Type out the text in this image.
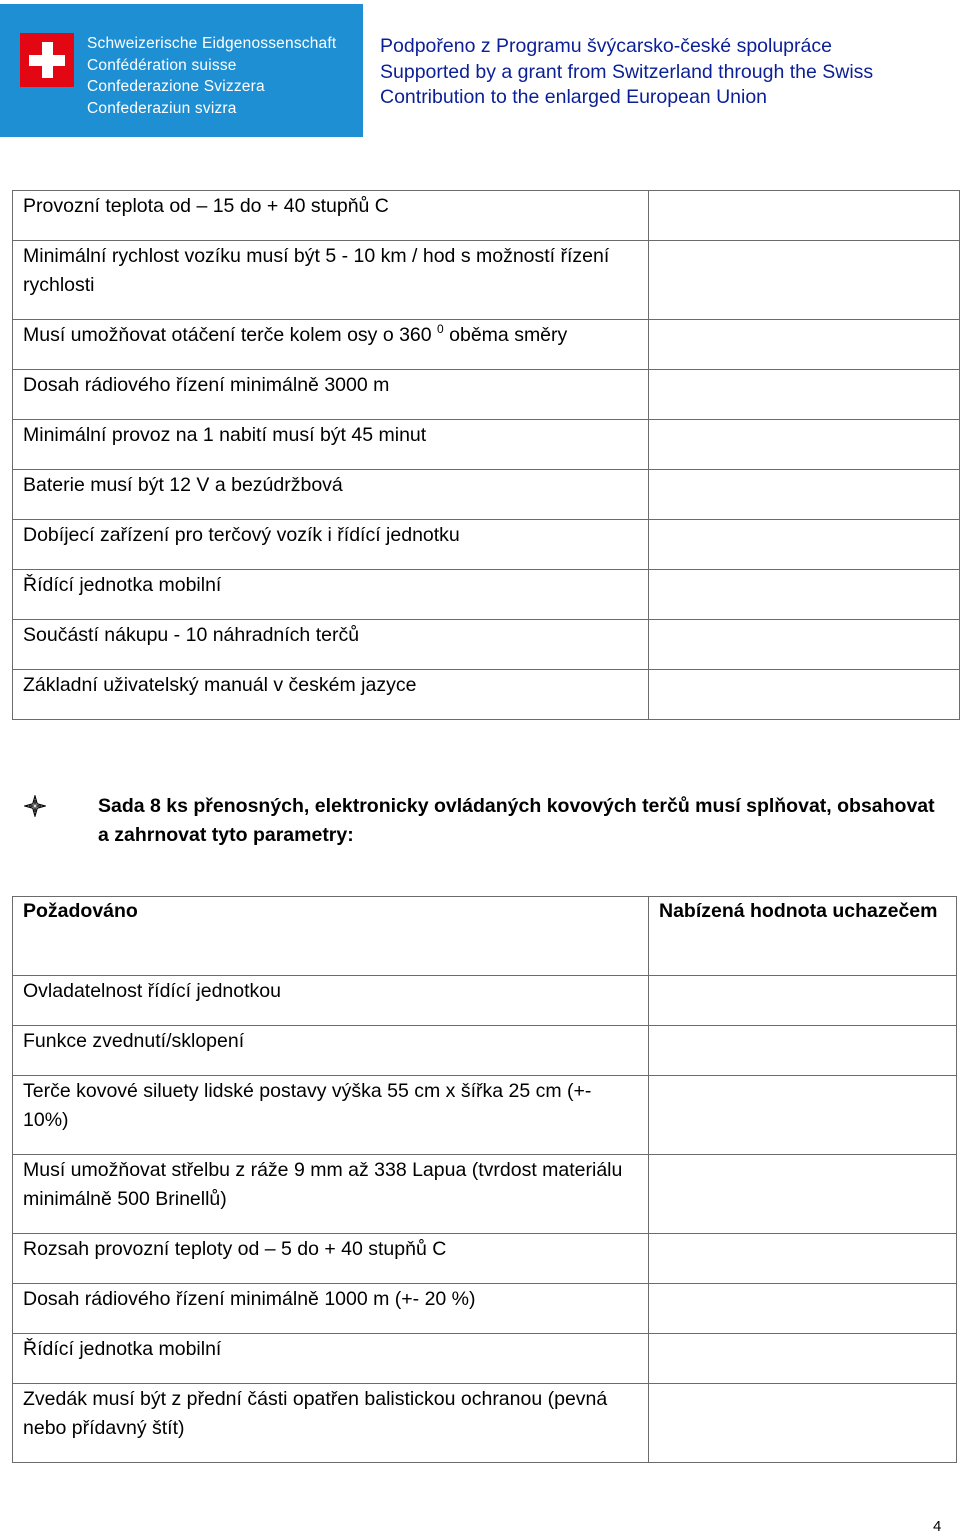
Schweizerische Eidgenossenschaft
Confédération suisse
Confederazione Svizzera
Confederaziun svizra
Podpořeno z Programu švýcarsko-české spolupráce
Supported by a grant from Switzerland through the Swiss
Contribution to the enlarged European Union
Provozní teplota od – 15 do + 40 stupňů C	
Minimální rychlost vozíku musí být 5 - 10 km / hod s možností řízení rychlosti	
Musí umožňovat otáčení terče kolem osy o 360 $^0$ oběma směry	
Dosah rádiového řízení minimálně 3000 m	
Minimální provoz na 1 nabití musí být 45 minut	
Baterie musí být 12 V a bezúdržbová	
Dobíjecí zařízení pro terčový vozík i řídící jednotku	
Řídící jednotka mobilní	
Součástí nákupu - 10 náhradních terčů	
Základní uživatelský manuál v českém jazyce	
Sada 8 ks přenosných, elektronicky ovládaných kovových terčů musí splňovat, obsahovat a zahrnovat tyto parametry:
Požadováno	Nabízená hodnota uchazečem
Ovladatelnost řídící jednotkou	
Funkce zvednutí/sklopení	
Terče kovové siluety lidské postavy výška 55 cm x šířka 25 cm (+- 10%)	
Musí umožňovat střelbu z ráže 9 mm až 338 Lapua (tvrdost materiálu minimálně 500 Brinellů)	
Rozsah provozní teploty od – 5 do + 40 stupňů C	
Dosah rádiového řízení minimálně 1000 m (+- 20 %)	
Řídící jednotka mobilní	
Zvedák musí být z přední části opatřen balistickou ochranou (pevná nebo přídavný štít)	
4
